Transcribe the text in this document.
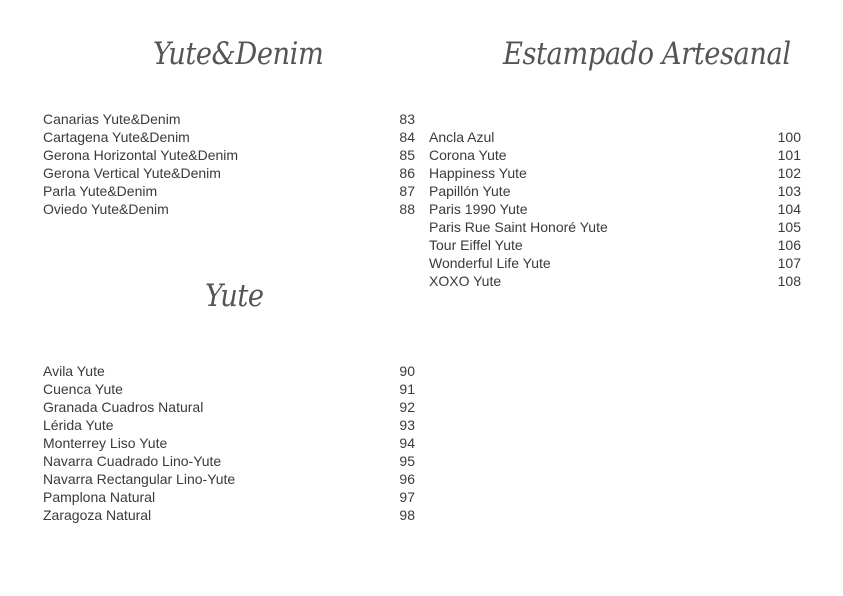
Yute&Denim
Canarias Yute&Denim	83
Cartagena Yute&Denim	84
Gerona Horizontal Yute&Denim	85
Gerona Vertical Yute&Denim	86
Parla Yute&Denim	87
Oviedo Yute&Denim	88
Yute
Avila Yute	90
Cuenca Yute	91
Granada Cuadros Natural	92
Lérida Yute	93
Monterrey Liso Yute	94
Navarra Cuadrado Lino-Yute	95
Navarra Rectangular Lino-Yute	96
Pamplona Natural	97
Zaragoza Natural	98
Estampado Artesanal
Ancla Azul	100
Corona Yute	101
Happiness Yute	102
Papillón Yute	103
Paris 1990 Yute	104
Paris Rue Saint Honoré Yute	105
Tour Eiffel Yute	106
Wonderful Life Yute	107
XOXO Yute	108
